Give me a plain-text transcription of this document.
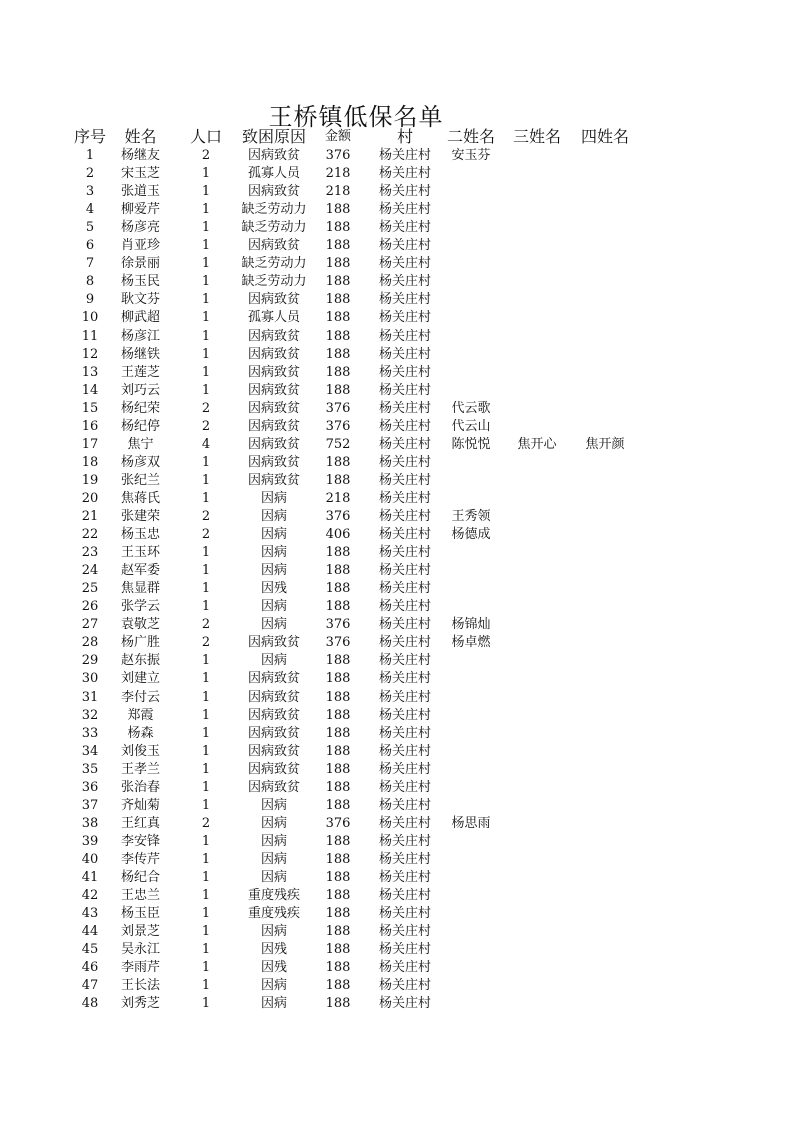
王桥镇低保名单
序号	姓名	人口	致困原因	金额	村	二姓名	三姓名	四姓名
1	杨继友	2	因病致贫	376	杨关庄村	安玉芬
2	宋玉芝	1	孤寡人员	218	杨关庄村
3	张道玉	1	因病致贫	218	杨关庄村
4	柳爱芹	1	缺乏劳动力	188	杨关庄村
5	杨彦亮	1	缺乏劳动力	188	杨关庄村
6	肖亚珍	1	因病致贫	188	杨关庄村
7	徐景丽	1	缺乏劳动力	188	杨关庄村
8	杨玉民	1	缺乏劳动力	188	杨关庄村
9	耿文芬	1	因病致贫	188	杨关庄村
10	柳武超	1	孤寡人员	188	杨关庄村
11	杨彦江	1	因病致贫	188	杨关庄村
12	杨继铁	1	因病致贫	188	杨关庄村
13	王莲芝	1	因病致贫	188	杨关庄村
14	刘巧云	1	因病致贫	188	杨关庄村
15	杨纪荣	2	因病致贫	376	杨关庄村	代云歌
16	杨纪停	2	因病致贫	376	杨关庄村	代云山
17	焦宁	4	因病致贫	752	杨关庄村	陈悦悦	焦开心	焦开颜
18	杨彦双	1	因病致贫	188	杨关庄村
19	张纪兰	1	因病致贫	188	杨关庄村
20	焦蒋氏	1	因病	218	杨关庄村
21	张建荣	2	因病	376	杨关庄村	王秀领
22	杨玉忠	2	因病	406	杨关庄村	杨德成
23	王玉环	1	因病	188	杨关庄村
24	赵军委	1	因病	188	杨关庄村
25	焦显群	1	因残	188	杨关庄村
26	张学云	1	因病	188	杨关庄村
27	袁敬芝	2	因病	376	杨关庄村	杨锦灿
28	杨广胜	2	因病致贫	376	杨关庄村	杨卓燃
29	赵东振	1	因病	188	杨关庄村
30	刘建立	1	因病致贫	188	杨关庄村
31	李付云	1	因病致贫	188	杨关庄村
32	郑霞	1	因病致贫	188	杨关庄村
33	杨森	1	因病致贫	188	杨关庄村
34	刘俊玉	1	因病致贫	188	杨关庄村
35	王孝兰	1	因病致贫	188	杨关庄村
36	张治春	1	因病致贫	188	杨关庄村
37	齐灿菊	1	因病	188	杨关庄村
38	王红真	2	因病	376	杨关庄村	杨思雨
39	李安锋	1	因病	188	杨关庄村
40	李传芹	1	因病	188	杨关庄村
41	杨纪合	1	因病	188	杨关庄村
42	王忠兰	1	重度残疾	188	杨关庄村
43	杨玉臣	1	重度残疾	188	杨关庄村
44	刘景芝	1	因病	188	杨关庄村
45	吴永江	1	因残	188	杨关庄村
46	李雨芹	1	因残	188	杨关庄村
47	王长法	1	因病	188	杨关庄村
48	刘秀芝	1	因病	188	杨关庄村
